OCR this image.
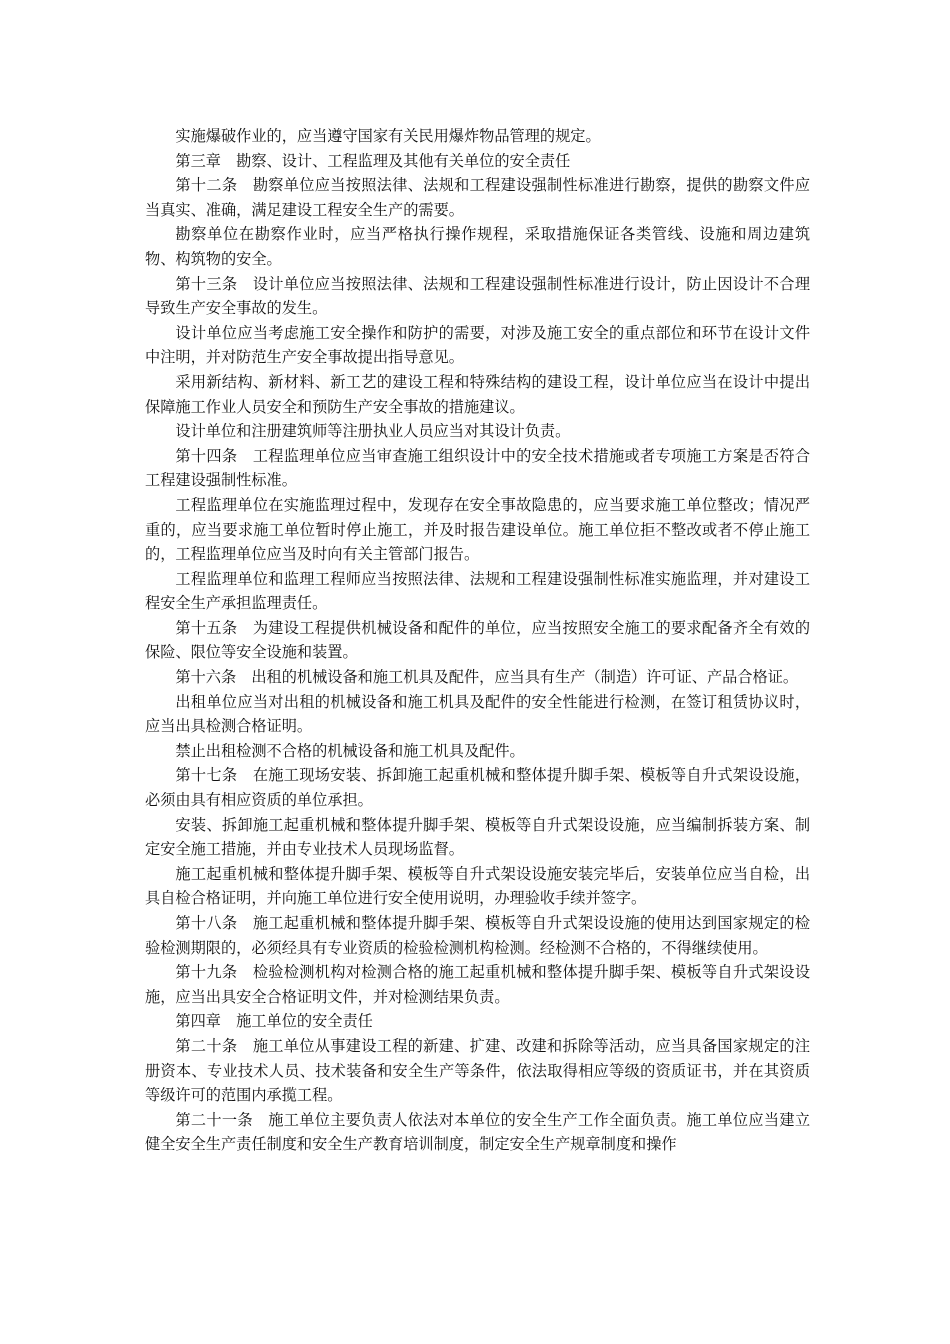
实施爆破作业的，应当遵守国家有关民用爆炸物品管理的规定。

第三章　勘察、设计、工程监理及其他有关单位的安全责任

第十二条　勘察单位应当按照法律、法规和工程建设强制性标准进行勘察，提供的勘察文件应当真实、准确，满足建设工程安全生产的需要。

勘察单位在勘察作业时，应当严格执行操作规程，采取措施保证各类管线、设施和周边建筑物、构筑物的安全。

第十三条　设计单位应当按照法律、法规和工程建设强制性标准进行设计，防止因设计不合理导致生产安全事故的发生。

设计单位应当考虑施工安全操作和防护的需要，对涉及施工安全的重点部位和环节在设计文件中注明，并对防范生产安全事故提出指导意见。

采用新结构、新材料、新工艺的建设工程和特殊结构的建设工程，设计单位应当在设计中提出保障施工作业人员安全和预防生产安全事故的措施建议。

设计单位和注册建筑师等注册执业人员应当对其设计负责。

第十四条　工程监理单位应当审查施工组织设计中的安全技术措施或者专项施工方案是否符合工程建设强制性标准。

工程监理单位在实施监理过程中，发现存在安全事故隐患的，应当要求施工单位整改；情况严重的，应当要求施工单位暂时停止施工，并及时报告建设单位。施工单位拒不整改或者不停止施工的，工程监理单位应当及时向有关主管部门报告。

工程监理单位和监理工程师应当按照法律、法规和工程建设强制性标准实施监理，并对建设工程安全生产承担监理责任。

第十五条　为建设工程提供机械设备和配件的单位，应当按照安全施工的要求配备齐全有效的保险、限位等安全设施和装置。

第十六条　出租的机械设备和施工机具及配件，应当具有生产（制造）许可证、产品合格证。

出租单位应当对出租的机械设备和施工机具及配件的安全性能进行检测，在签订租赁协议时，应当出具检测合格证明。

禁止出租检测不合格的机械设备和施工机具及配件。

第十七条　在施工现场安装、拆卸施工起重机械和整体提升脚手架、模板等自升式架设设施，必须由具有相应资质的单位承担。

安装、拆卸施工起重机械和整体提升脚手架、模板等自升式架设设施，应当编制拆装方案、制定安全施工措施，并由专业技术人员现场监督。

施工起重机械和整体提升脚手架、模板等自升式架设设施安装完毕后，安装单位应当自检，出具自检合格证明，并向施工单位进行安全使用说明，办理验收手续并签字。

第十八条　施工起重机械和整体提升脚手架、模板等自升式架设设施的使用达到国家规定的检验检测期限的，必须经具有专业资质的检验检测机构检测。经检测不合格的，不得继续使用。

第十九条　检验检测机构对检测合格的施工起重机械和整体提升脚手架、模板等自升式架设设施，应当出具安全合格证明文件，并对检测结果负责。

第四章　施工单位的安全责任

第二十条　施工单位从事建设工程的新建、扩建、改建和拆除等活动，应当具备国家规定的注册资本、专业技术人员、技术装备和安全生产等条件，依法取得相应等级的资质证书，并在其资质等级许可的范围内承揽工程。

第二十一条　施工单位主要负责人依法对本单位的安全生产工作全面负责。施工单位应当建立健全安全生产责任制度和安全生产教育培训制度，制定安全生产规章制度和操作
